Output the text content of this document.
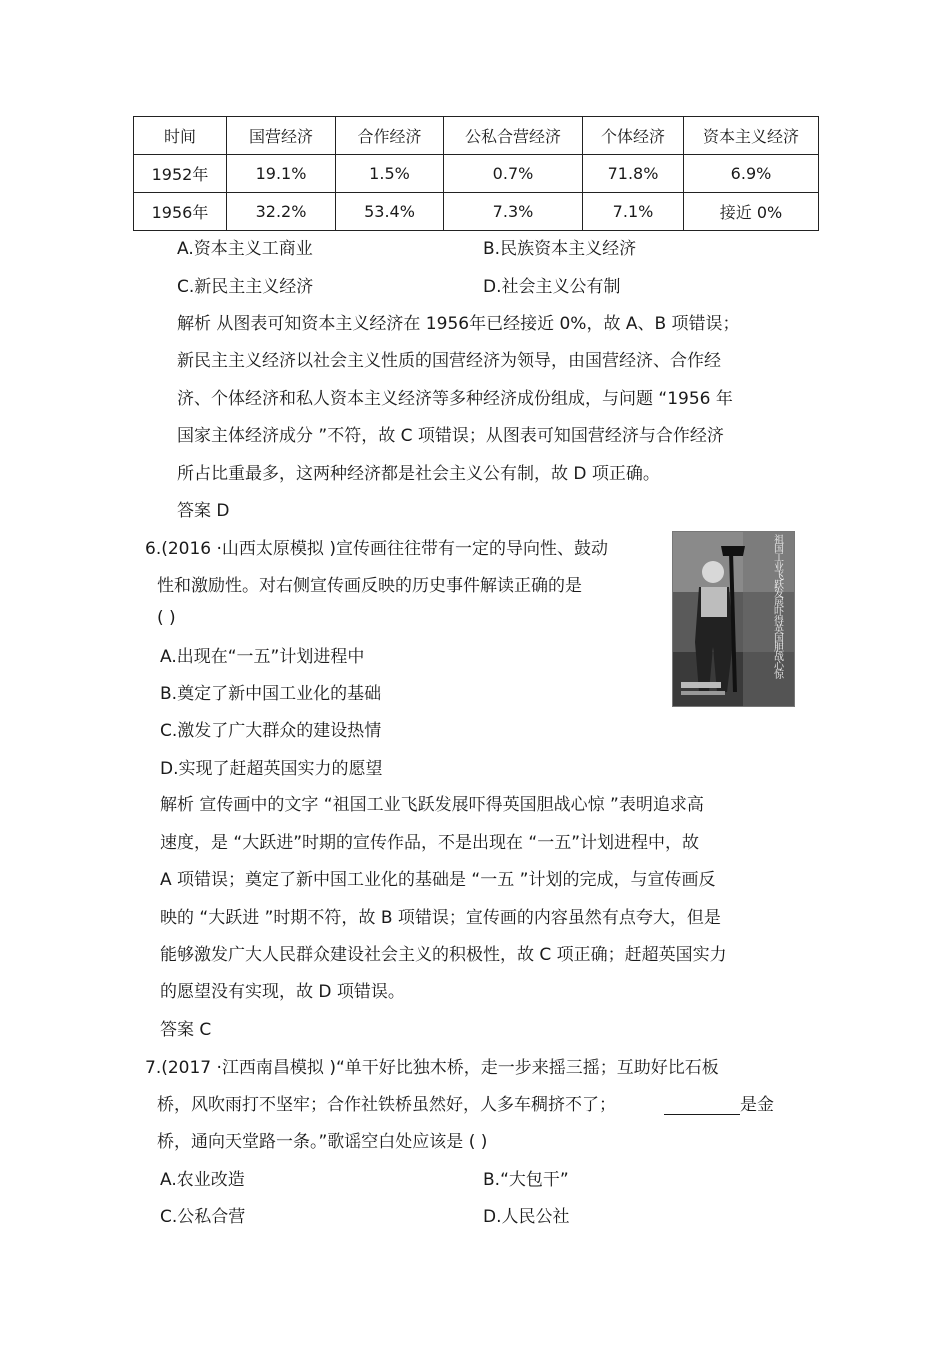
时间	国营经济	合作经济	公私合营经济	个体经济	资本主义经济
1952年	19.1%	1.5%	0.7%	71.8%	6.9%
1956年	32.2%	53.4%	7.3%	7.1%	接近 0%
A.资本主义工商业	B.民族资本主义经济
C.新民主主义经济	D.社会主义公有制
解析 从图表可知资本主义经济在 1956年已经接近 0%，故 A、B 项错误；
新民主主义经济以社会主义性质的国营经济为领导，由国营经济、合作经
济、个体经济和私人资本主义经济等多种经济成份组成，与问题 “1956 年
国家主体经济成分 ”不符，故 C 项错误；从图表可知国营经济与合作经济
所占比重最多，这两种经济都是社会主义公有制，故 D 项正确。
答案 D
6.(2016 ·山西太原模拟 )宣传画往往带有一定的导向性、鼓动
性和激励性。对右侧宣传画反映的历史事件解读正确的是
( )
A.出现在“一五”计划进程中
B.奠定了新中国工业化的基础
C.激发了广大群众的建设热情
D.实现了赶超英国实力的愿望
解析 宣传画中的文字 “祖国工业飞跃发展吓得英国胆战心惊 ”表明追求高
速度，是 “大跃进”时期的宣传作品，不是出现在 “一五”计划进程中，故
A 项错误；奠定了新中国工业化的基础是 “一五 ”计划的完成，与宣传画反
映的 “大跃进 ”时期不符，故 B 项错误；宣传画的内容虽然有点夸大，但是
能够激发广大人民群众建设社会主义的积极性，故 C 项正确；赶超英国实力
的愿望没有实现，故 D 项错误。
答案 C
祖国工业飞跃发展吓得英国胆战心惊
7.(2017 ·江西南昌模拟 )“单干好比独木桥，走一步来摇三摇；互助好比石板
桥，风吹雨打不坚牢；合作社铁桥虽然好，人多车稠挤不了；	是金
桥，通向天堂路一条。”歌谣空白处应该是 ( )
A.农业改造	B.“大包干”
C.公私合营	D.人民公社
